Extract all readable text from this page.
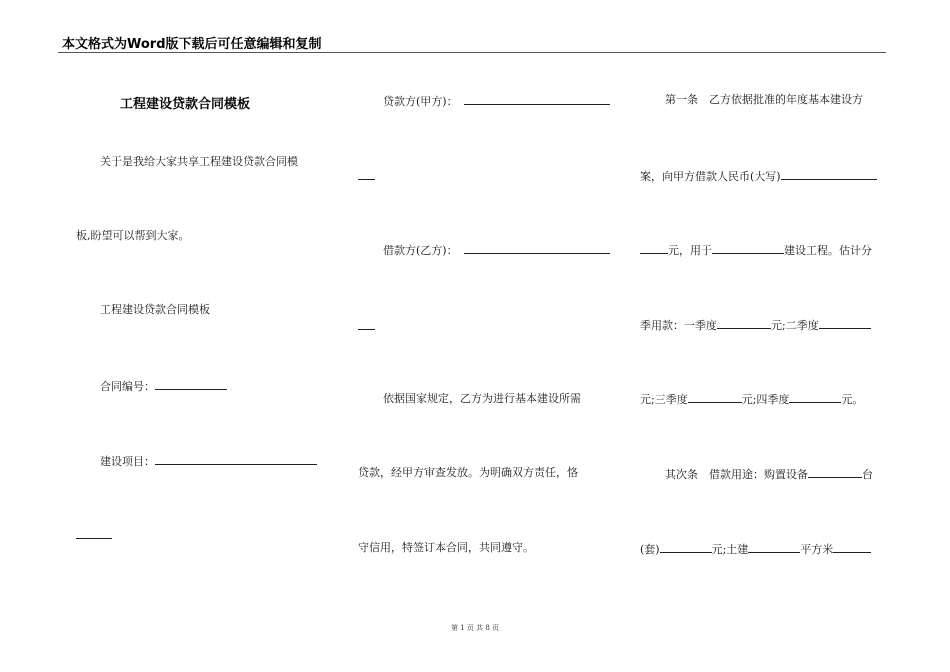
本文格式为Word版下载后可任意编辑和复制
工程建设贷款合同模板
关于是我给大家共享工程建设贷款合同模
板,盼望可以帮到大家。
工程建设贷款合同模板
合同编号：
建设项目：
贷款方(甲方)：
借款方(乙方)：
依据国家规定，乙方为进行基本建设所需
贷款，经甲方审查发放。为明确双方责任，恪
守信用，特签订本合同，共同遵守。
第一条　乙方依据批准的年度基本建设方
案，向甲方借款人民币(大写)
元，用于	建设工程。估计分
季用款：一季度	元;二季度
元;三季度	元;四季度	元。
其次条　借款用途：购置设备	台
(套)	元;土建	平方米
第 1 页 共 8 页
